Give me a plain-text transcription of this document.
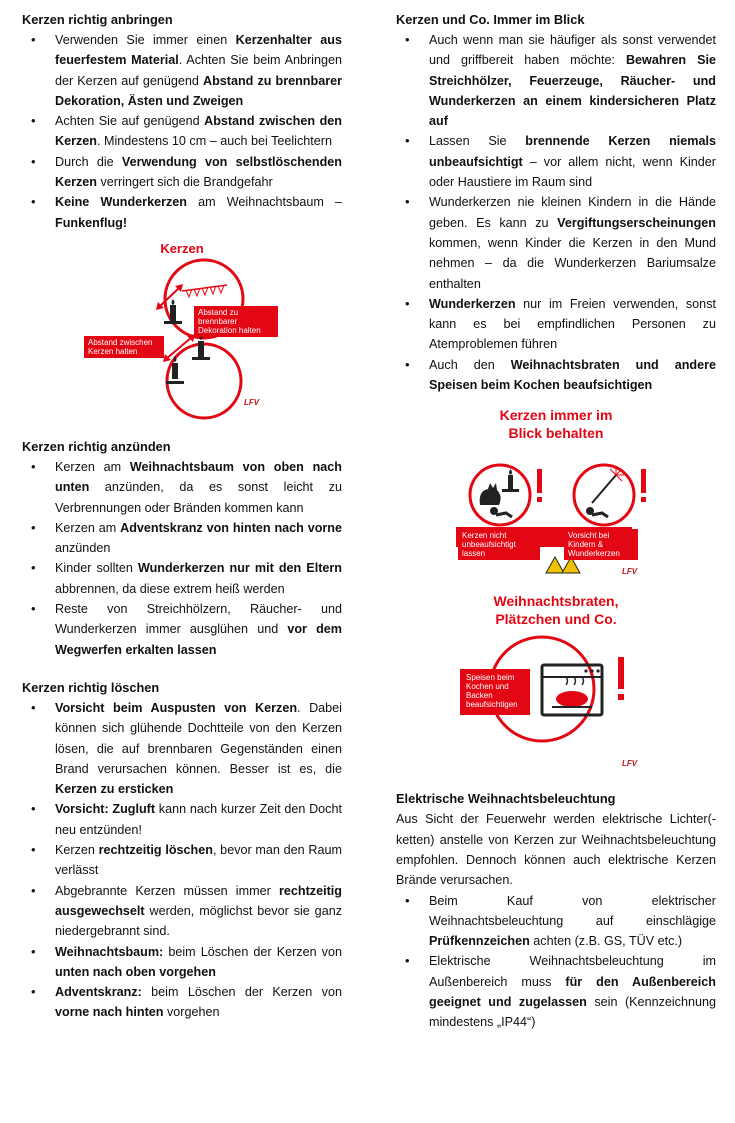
Kerzen richtig anbringen
• Verwenden Sie immer einen Kerzenhalter aus feuerfestem Material. Achten Sie beim Anbringen der Kerzen auf genügend Abstand zu brennbarer Dekoration, Ästen und Zweigen
• Achten Sie auf genügend Abstand zwischen den Kerzen. Mindestens 10 cm – auch bei Teelichtern
• Durch die Verwendung von selbstlöschenden Kerzen verringert sich die Brandgefahr
• Keine Wunderkerzen am Weihnachtsbaum – Funkenflug!
Kerzen
Abstand zu brennbarer Dekoration halten
Abstand zwischen Kerzen halten
LFV
Kerzen richtig anzünden
• Kerzen am Weihnachtsbaum von oben nach unten anzünden, da es sonst leicht zu Verbrennungen oder Bränden kommen kann
• Kerzen am Adventskranz von hinten nach vorne anzünden
• Kinder sollten Wunderkerzen nur mit den Eltern abbrennen, da diese extrem heiß werden
• Reste von Streichhölzern, Räucher- und Wunderkerzen immer ausglühen und vor dem Wegwerfen erkalten lassen
Kerzen richtig löschen
• Vorsicht beim Auspusten von Kerzen. Dabei können sich glühende Dochtteile von den Kerzen lösen, die auf brennbaren Gegenständen einen Brand verursachen können. Besser ist es, die Kerzen zu ersticken
• Vorsicht: Zugluft kann nach kurzer Zeit den Docht neu entzünden!
• Kerzen rechtzeitig löschen, bevor man den Raum verlässt
• Abgebrannte Kerzen müssen immer rechtzeitig ausgewechselt werden, möglichst bevor sie ganz niedergebrannt sind.
• Weihnachtsbaum: beim Löschen der Kerzen von unten nach oben vorgehen
• Adventskranz: beim Löschen der Kerzen von vorne nach hinten vorgehen
Kerzen und Co. Immer im Blick
• Auch wenn man sie häufiger als sonst verwendet und griffbereit haben möchte: Bewahren Sie Streichhölzer, Feuerzeuge, Räucher- und Wunderkerzen an einem kindersicheren Platz auf
• Lassen Sie brennende Kerzen niemals unbeaufsichtigt – vor allem nicht, wenn Kinder oder Haustiere im Raum sind
• Wunderkerzen nie kleinen Kindern in die Hände geben. Es kann zu Vergiftungserscheinungen kommen, wenn Kinder die Kerzen in den Mund nehmen – da die Wunderkerzen Bariumsalze enthalten
• Wunderkerzen nur im Freien verwenden, sonst kann es bei empfindlichen Personen zu Atemproblemen führen
• Auch den Weihnachtsbraten und andere Speisen beim Kochen beaufsichtigen
Kerzen immer im
Blick behalten
Kerzen nicht unbeaufsichtigt lassen
Vorsicht bei Kindern & Wunderkerzen
LFV
Weihnachtsbraten,
Plätzchen und Co.
Speisen beim Kochen und Backen beaufsichtigen
LFV
Elektrische Weihnachtsbeleuchtung

Aus Sicht der Feuerwehr werden elektrische Lichter(-ketten) anstelle von Kerzen zur Weihnachtsbeleuchtung empfohlen. Dennoch können auch elektrische Kerzen Brände verursachen.

• Beim Kauf von elektrischer Weihnachtsbeleuchtung auf einschlägige Prüfkennzeichen achten (z.B. GS, TÜV etc.)
• Elektrische Weihnachtsbeleuchtung im Außenbereich muss für den Außenbereich geeignet und zugelassen sein (Kennzeichnung mindestens „IP44“)
